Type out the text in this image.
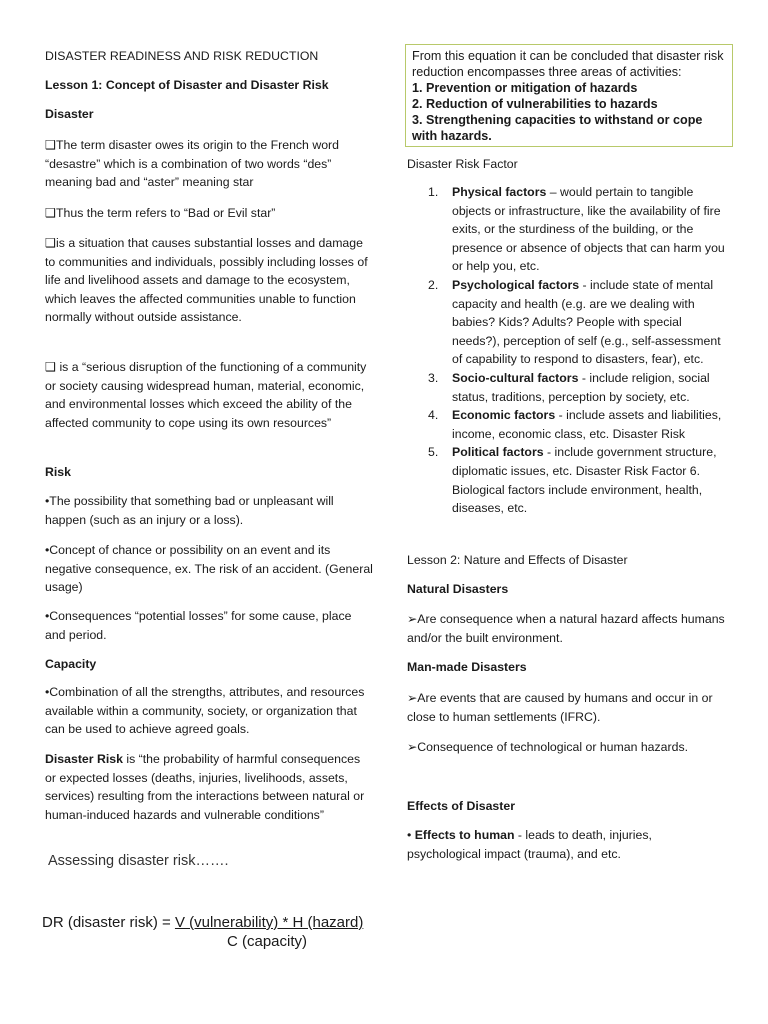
DISASTER READINESS AND RISK REDUCTION

Lesson 1: Concept of Disaster and Disaster Risk

Disaster

❑The term disaster owes its origin to the French word “desastre” which is a combination of two words “des” meaning bad and “aster” meaning star

❑Thus the term refers to “Bad or Evil star”

❑is a situation that causes substantial losses and damage to communities and individuals, possibly including losses of life and livelihood assets and damage to the ecosystem, which leaves the affected communities unable to function normally without outside assistance.

❑ is a “serious disruption of the functioning of a community or society causing widespread human, material, economic, and environmental losses which exceed the ability of the affected community to cope using its own resources”

Risk

•The possibility that something bad or unpleasant will happen (such as an injury or a loss).

•Concept of chance or possibility on an event and its negative consequence, ex. The risk of an accident. (General usage)

•Consequences “potential losses” for some cause, place and period.

Capacity

•Combination of all the strengths, attributes, and resources available within a community, society, or organization that can be used to achieve agreed goals.

Disaster Risk is “the probability of harmful consequences or expected losses (deaths, injuries, livelihoods, assets, services) resulting from the interactions between natural or human-induced hazards and vulnerable conditions”

Assessing disaster risk…….

DR (disaster risk) = V (vulnerability) * H (hazard)
C (capacity)
From this equation it can be concluded that disaster risk reduction encompasses three areas of activities:
1. Prevention or mitigation of hazards
2. Reduction of vulnerabilities to hazards
3. Strengthening capacities to withstand or cope with hazards.

Disaster Risk Factor

1. Physical factors – would pertain to tangible objects or infrastructure, like the availability of fire exits, or the sturdiness of the building, or the presence or absence of objects that can harm you or help you, etc.
2. Psychological factors - include state of mental capacity and health (e.g. are we dealing with babies? Kids? Adults? People with special needs?), perception of self (e.g., self-assessment of capability to respond to disasters, fear), etc.
3. Socio-cultural factors - include religion, social status, traditions, perception by society, etc.
4. Economic factors - include assets and liabilities, income, economic class, etc. Disaster Risk
5. Political factors - include government structure, diplomatic issues, etc. Disaster Risk Factor 6. Biological factors include environment, health, diseases, etc.

Lesson 2: Nature and Effects of Disaster

Natural Disasters

➢Are consequence when a natural hazard affects humans and/or the built environment.

Man-made Disasters

➢Are events that are caused by humans and occur in or close to human settlements (IFRC).

➢Consequence of technological or human hazards.

Effects of Disaster

• Effects to human - leads to death, injuries, psychological impact (trauma), and etc.
